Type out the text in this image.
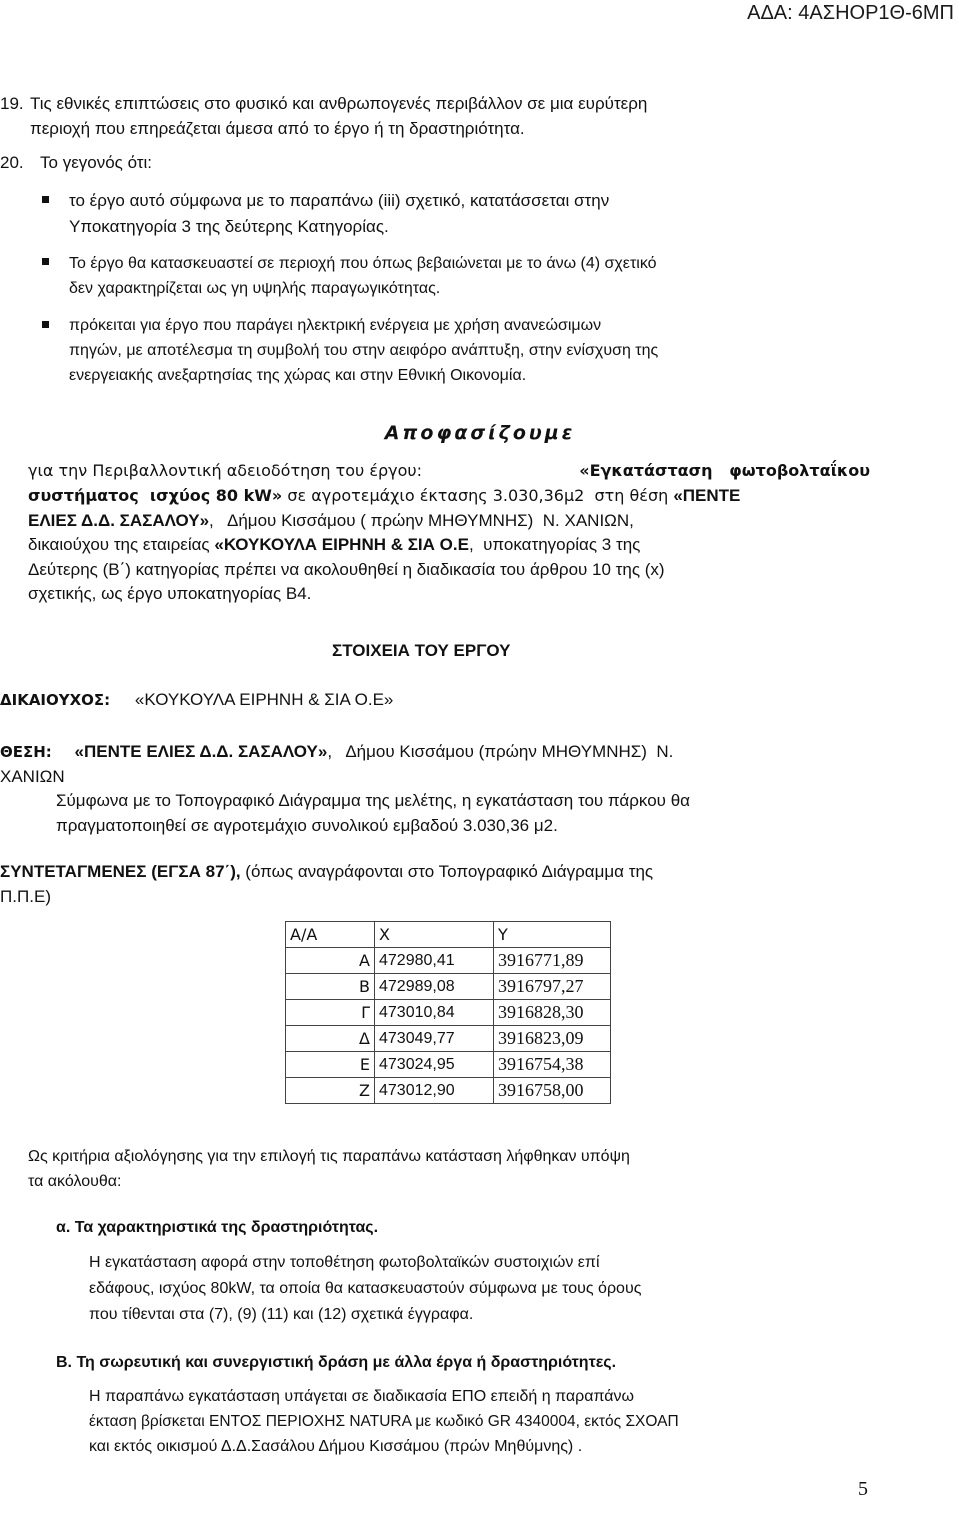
ΑΔΑ: 4ΑΣΗΟΡ1Θ-6ΜΠ
19. Τις εθνικές επιπτώσεις στο φυσικό και ανθρωπογενές περιβάλλον σε μια ευρύτερη
περιοχή που επηρεάζεται άμεσα από το έργο ή τη δραστηριότητα.
20. Το γεγονός ότι:
το έργο αυτό σύμφωνα με το παραπάνω (iii) σχετικό, κατατάσσεται στην
Υποκατηγορία 3 της δεύτερης Κατηγορίας.
Το έργο θα κατασκευαστεί σε περιοχή που όπως βεβαιώνεται με το άνω (4) σχετικό
δεν χαρακτηρίζεται ως γη υψηλής παραγωγικότητας.
πρόκειται για έργο που παράγει ηλεκτρική ενέργεια με χρήση ανανεώσιμων
πηγών, με αποτέλεσμα τη συμβολή του στην αειφόρο ανάπτυξη, στην ενίσχυση της
ενεργειακής ανεξαρτησίας της χώρας και στην Εθνική Οικονομία.
Αποφασίζουμε
για την Περιβαλλοντική αδειοδότηση του έργου:	«Εγκατάσταση   φωτοβολταΐκου
συστήματος  ισχύος 80 kW» σε αγροτεμάχιο έκτασης 3.030,36μ2  στη θέση «ΠΕΝΤΕ
ΕΛΙΕΣ Δ.Δ. ΣΑΣΑΛΟΥ»,   Δήμου Κισσάμου ( πρώην ΜΗΘΥΜΝΗΣ)  Ν. ΧΑΝΙΩΝ,
δικαιούχου της εταιρείας «ΚΟΥΚΟΥΛΑ ΕΙΡΗΝΗ & ΣΙΑ Ο.Ε,  υποκατηγορίας 3 της
Δεύτερης (Β΄) κατηγορίας πρέπει να ακολουθηθεί η διαδικασία του άρθρου 10 της (x)
σχετικής, ως έργο υποκατηγορίας Β4.
ΣΤΟΙΧΕΙΑ ΤΟΥ ΕΡΓΟΥ
ΔΙΚΑΙΟΥΧΟΣ: «ΚΟΥΚΟΥΛΑ ΕΙΡΗΝΗ & ΣΙΑ Ο.Ε»
ΘΕΣΗ: «ΠΕΝΤΕ ΕΛΙΕΣ Δ.Δ. ΣΑΣΑΛΟΥ»,   Δήμου Κισσάμου (πρώην ΜΗΘΥΜΝΗΣ)  Ν.
ΧΑΝΙΩΝ
Σύμφωνα με το Τοπογραφικό Διάγραμμα της μελέτης, η εγκατάσταση του πάρκου θα
πραγματοποιηθεί σε αγροτεμάχιο συνολικού εμβαδού 3.030,36 μ2.
ΣΥΝΤΕΤΑΓΜΕΝΕΣ (ΕΓΣΑ 87΄), (όπως αναγράφονται στο Τοπογραφικό Διάγραμμα της
Π.Π.Ε)
Α/Α	Χ	Υ
Α	472980,41	3916771,89
Β	472989,08	3916797,27
Γ	473010,84	3916828,30
Δ	473049,77	3916823,09
Ε	473024,95	3916754,38
Ζ	473012,90	3916758,00
Ως κριτήρια αξιολόγησης για την επιλογή τις παραπάνω κατάσταση λήφθηκαν υπόψη
τα ακόλουθα:
α. Τα χαρακτηριστικά της δραστηριότητας.
Η εγκατάσταση αφορά στην τοποθέτηση φωτοβολταϊκών συστοιχιών επί
εδάφους, ισχύος 80kW, τα οποία θα κατασκευαστούν σύμφωνα με τους όρους
που τίθενται στα (7), (9) (11) και (12) σχετικά έγγραφα.
Β. Τη σωρευτική και συνεργιστική δράση με άλλα έργα ή δραστηριότητες.
Η παραπάνω εγκατάσταση υπάγεται σε διαδικασία ΕΠΟ επειδή η παραπάνω
έκταση βρίσκεται ΕΝΤΟΣ ΠΕΡΙΟΧΗΣ NATURA με κωδικό GR 4340004, εκτός ΣΧΟΑΠ
και εκτός οικισμού Δ.Δ.Σασάλου Δήμου Κισσάμου (πρών Μηθύμνης) .
5
